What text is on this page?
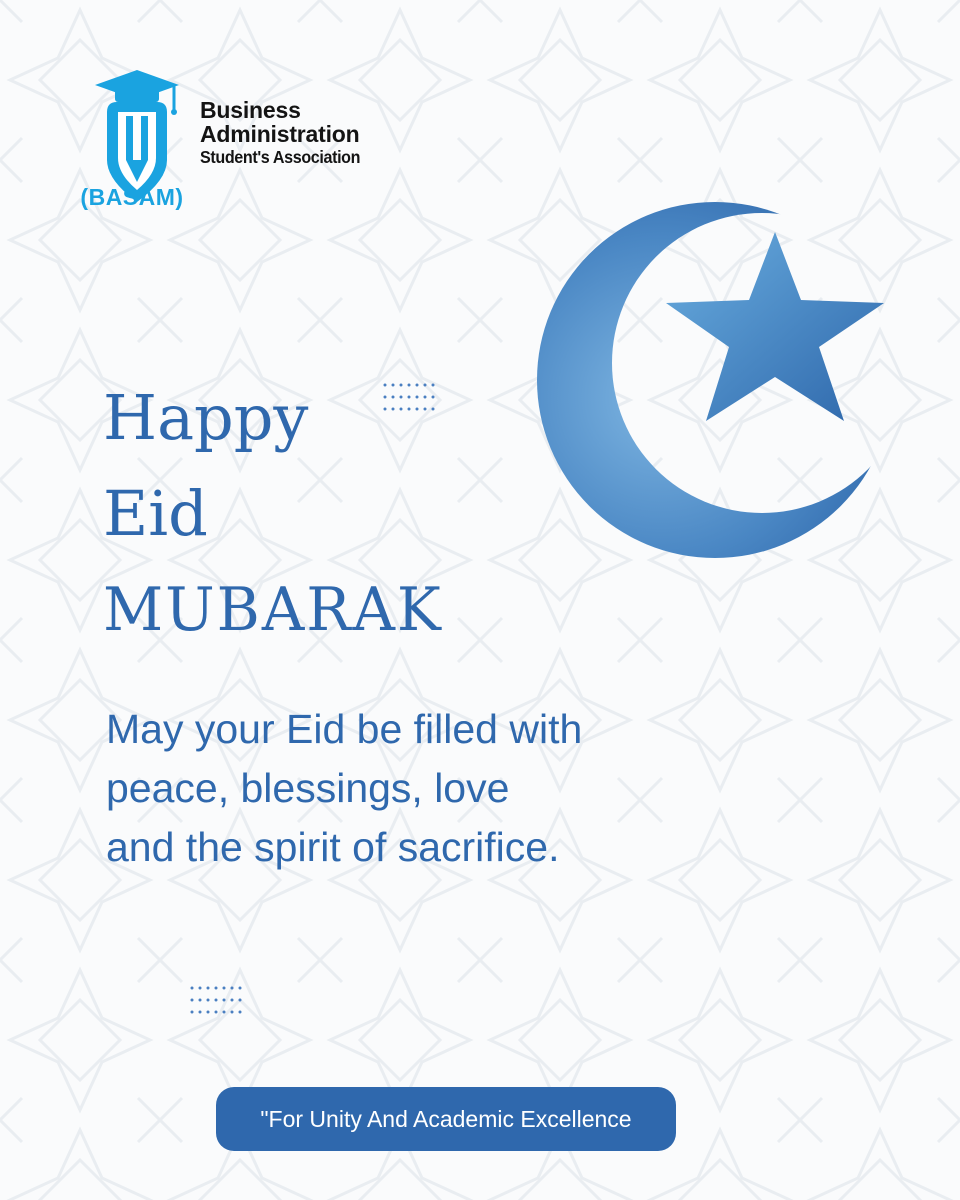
(BASAM)
Business
Administration
Student's Association
Happy
Eid
MUBARAK
May your Eid be filled with
peace, blessings, love
and the spirit of sacrifice.
"For Unity And Academic Excellence
